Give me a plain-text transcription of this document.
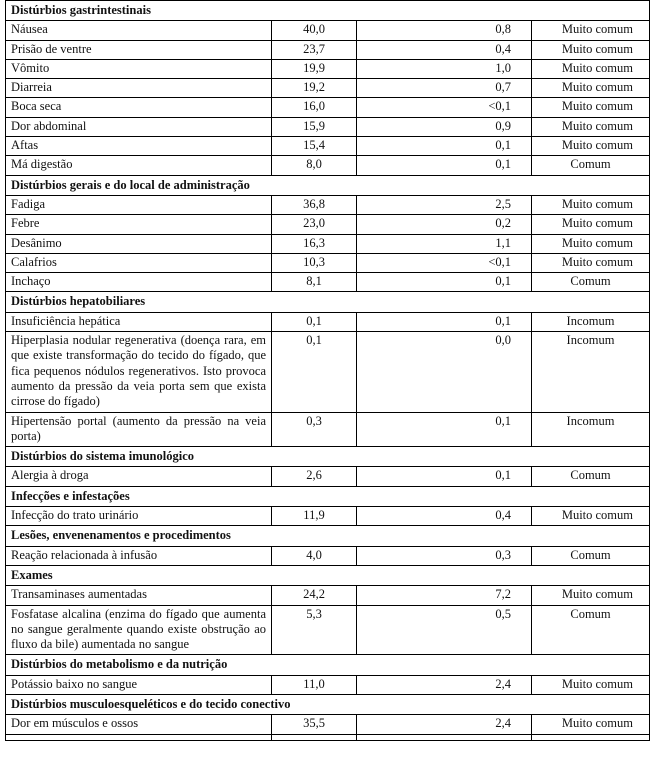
Distúrbios gastrintestinais			
Náusea	40,0	0,8	Muito comum
Prisão de ventre	23,7	0,4	Muito comum
Vômito	19,9	1,0	Muito comum
Diarreia	19,2	0,7	Muito comum
Boca seca	16,0	<0,1	Muito comum
Dor abdominal	15,9	0,9	Muito comum
Aftas	15,4	0,1	Muito comum
Má digestão	8,0	0,1	Comum
Distúrbios gerais e do local de administração			
Fadiga	36,8	2,5	Muito comum
Febre	23,0	0,2	Muito comum
Desânimo	16,3	1,1	Muito comum
Calafrios	10,3	<0,1	Muito comum
Inchaço	8,1	0,1	Comum
Distúrbios hepatobiliares			
Insuficiência hepática	0,1	0,1	Incomum
Hiperplasia nodular regenerativa (doença rara, em que existe transformação do tecido do fígado, que fica pequenos nódulos regenerativos. Isto provoca aumento da pressão da veia porta sem que exista cirrose do fígado)	0,1	0,0	Incomum
Hipertensão portal (aumento da pressão na veia porta)	0,3	0,1	Incomum
Distúrbios do sistema imunológico			
Alergia à droga	2,6	0,1	Comum
Infecções e infestações			
Infecção do trato urinário	11,9	0,4	Muito comum
Lesões, envenenamentos e procedimentos			
Reação relacionada à infusão	4,0	0,3	Comum
Exames			
Transaminases aumentadas	24,2	7,2	Muito comum
Fosfatase alcalina (enzima do fígado que aumenta no sangue geralmente quando existe obstrução ao fluxo da bile) aumentada no sangue	5,3	0,5	Comum
Distúrbios do metabolismo e da nutrição			
Potássio baixo no sangue	11,0	2,4	Muito comum
Distúrbios musculoesqueléticos e do tecido conectivo			
Dor em músculos e ossos	35,5	2,4	Muito comum
